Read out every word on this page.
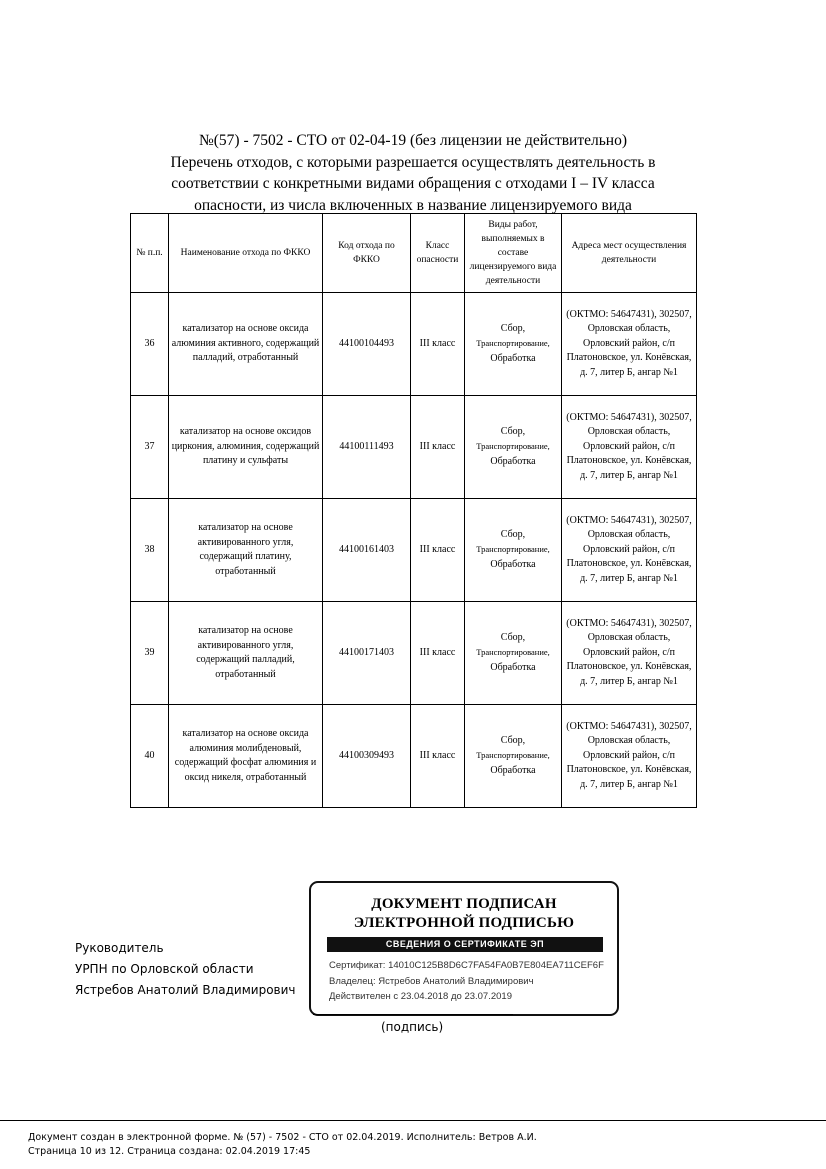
№(57) - 7502 - СТО от 02-04-19 (без лицензии не действительно)
Перечень отходов, с которыми разрешается осуществлять деятельность в
соответствии с конкретными видами обращения с отходами I – IV класса
опасности, из числа включенных в название лицензируемого вида
№ п.п.	Наименование отхода по ФККО	Код отхода по ФККО	Класс опасности	Виды работ, выполняемых в составе лицензируемого вида деятельности	Адреса мест осуществления деятельности
36	катализатор на основе оксида алюминия активного, содержащий палладий, отработанный	44100104493	III класс	Сбор,
Транспортирование,
Обработка	(ОКТМО: 54647431), 302507, Орловская область, Орловский район, с/п Платоновское, ул. Конёвская, д. 7, литер Б, ангар №1
37	катализатор на основе оксидов циркония, алюминия, содержащий платину и сульфаты	44100111493	III класс	Сбор,
Транспортирование,
Обработка	(ОКТМО: 54647431), 302507, Орловская область, Орловский район, с/п Платоновское, ул. Конёвская, д. 7, литер Б, ангар №1
38	катализатор на основе активированного угля, содержащий платину, отработанный	44100161403	III класс	Сбор,
Транспортирование,
Обработка	(ОКТМО: 54647431), 302507, Орловская область, Орловский район, с/п Платоновское, ул. Конёвская, д. 7, литер Б, ангар №1
39	катализатор на основе активированного угля, содержащий палладий, отработанный	44100171403	III класс	Сбор,
Транспортирование,
Обработка	(ОКТМО: 54647431), 302507, Орловская область, Орловский район, с/п Платоновское, ул. Конёвская, д. 7, литер Б, ангар №1
40	катализатор на основе оксида алюминия молибденовый, содержащий фосфат алюминия и оксид никеля, отработанный	44100309493	III класс	Сбор,
Транспортирование,
Обработка	(ОКТМО: 54647431), 302507, Орловская область, Орловский район, с/п Платоновское, ул. Конёвская, д. 7, литер Б, ангар №1
Руководитель
УРПН по Орловской области
Ястребов Анатолий Владимирович
ДОКУМЕНТ ПОДПИСАН
ЭЛЕКТРОННОЙ ПОДПИСЬЮ
СВЕДЕНИЯ О СЕРТИФИКАТЕ ЭП
Сертификат: 14010C125B8D6C7FA54FA0B7E804EA711CEF6F
Владелец: Ястребов Анатолий Владимирович
Действителен с 23.04.2018 до 23.07.2019
(подпись)
Документ создан в электронной форме. № (57) - 7502 - СТО от 02.04.2019. Исполнитель: Ветров А.И.
Страница 10 из 12. Страница создана: 02.04.2019 17:45
